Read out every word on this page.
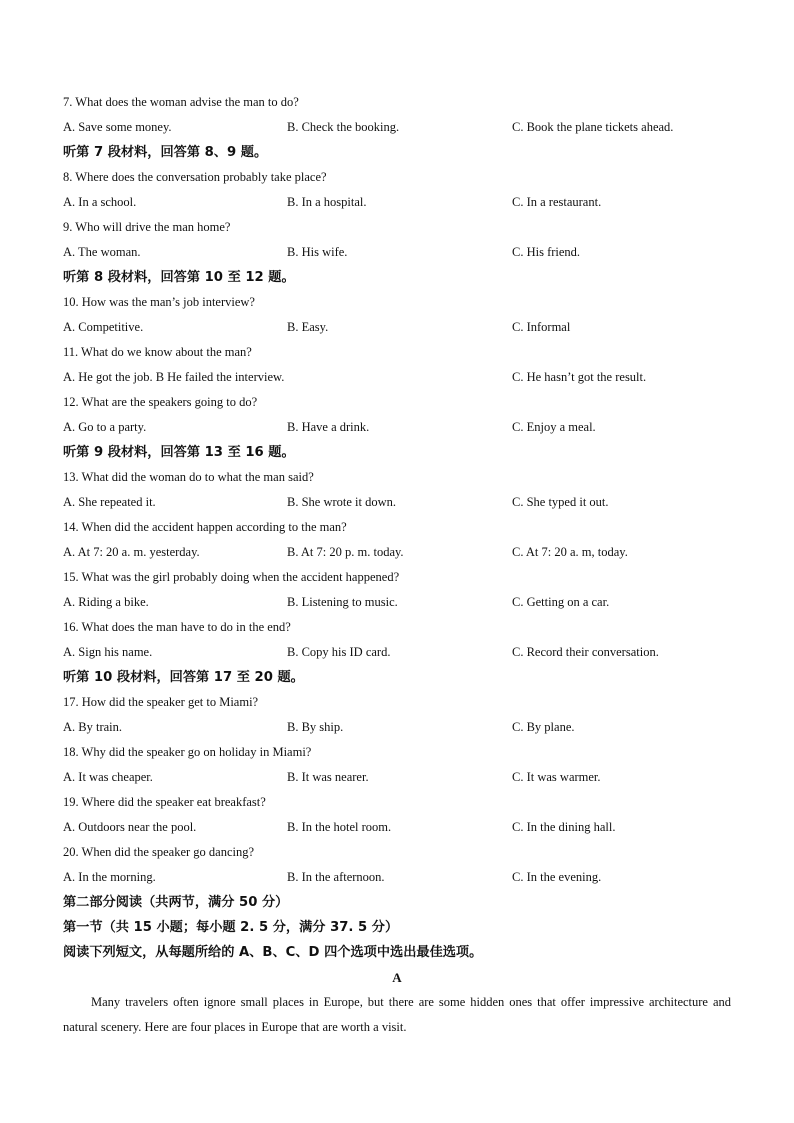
7. What does the woman advise the man to do?
A. Save some money.	B. Check the booking.	C. Book the plane tickets ahead.
听第 7 段材料，回答第 8、9 题。
8. Where does the conversation probably take place?
A. In a school.	B. In a hospital.	C. In a restaurant.
9. Who will drive the man home?
A. The woman.	B. His wife.	C. His friend.
听第 8 段材料，回答第 10 至 12 题。
10. How was the man’s job interview?
A. Competitive.	B. Easy.	C. Informal
11. What do we know about the man?
A. He got the job. B He failed the interview.	C. He hasn’t got the result.
12. What are the speakers going to do?
A. Go to a party.	B. Have a drink.	C. Enjoy a meal.
听第 9 段材料，回答第 13 至 16 题。
13. What did the woman do to what the man said?
A. She repeated it.	B. She wrote it down.	C. She typed it out.
14. When did the accident happen according to the man?
A. At 7: 20 a. m. yesterday.	B. At 7: 20 p. m. today.	C. At 7: 20 a. m, today.
15. What was the girl probably doing when the accident happened?
A. Riding a bike.	B. Listening to music.	C. Getting on a car.
16. What does the man have to do in the end?
A. Sign his name.	B. Copy his ID card.	C. Record their conversation.
听第 10 段材料，回答第 17 至 20 题。
17. How did the speaker get to Miami?
A. By train.	B. By ship.	C. By plane.
18. Why did the speaker go on holiday in Miami?
A. It was cheaper.	B. It was nearer.	C. It was warmer.
19. Where did the speaker eat breakfast?
A. Outdoors near the pool.	B. In the hotel room.	C. In the dining hall.
20. When did the speaker go dancing?
A. In the morning.	B. In the afternoon.	C. In the evening.
第二部分阅读（共两节，满分 50 分）
第一节（共 15 小题；每小题 2. 5 分，满分 37. 5 分）
阅读下列短文，从每题所给的 A、B、C、D 四个选项中选出最佳选项。
A

Many travelers often ignore small places in Europe, but there are some hidden ones that offer impressive architecture and natural scenery. Here are four places in Europe that are worth a visit.
